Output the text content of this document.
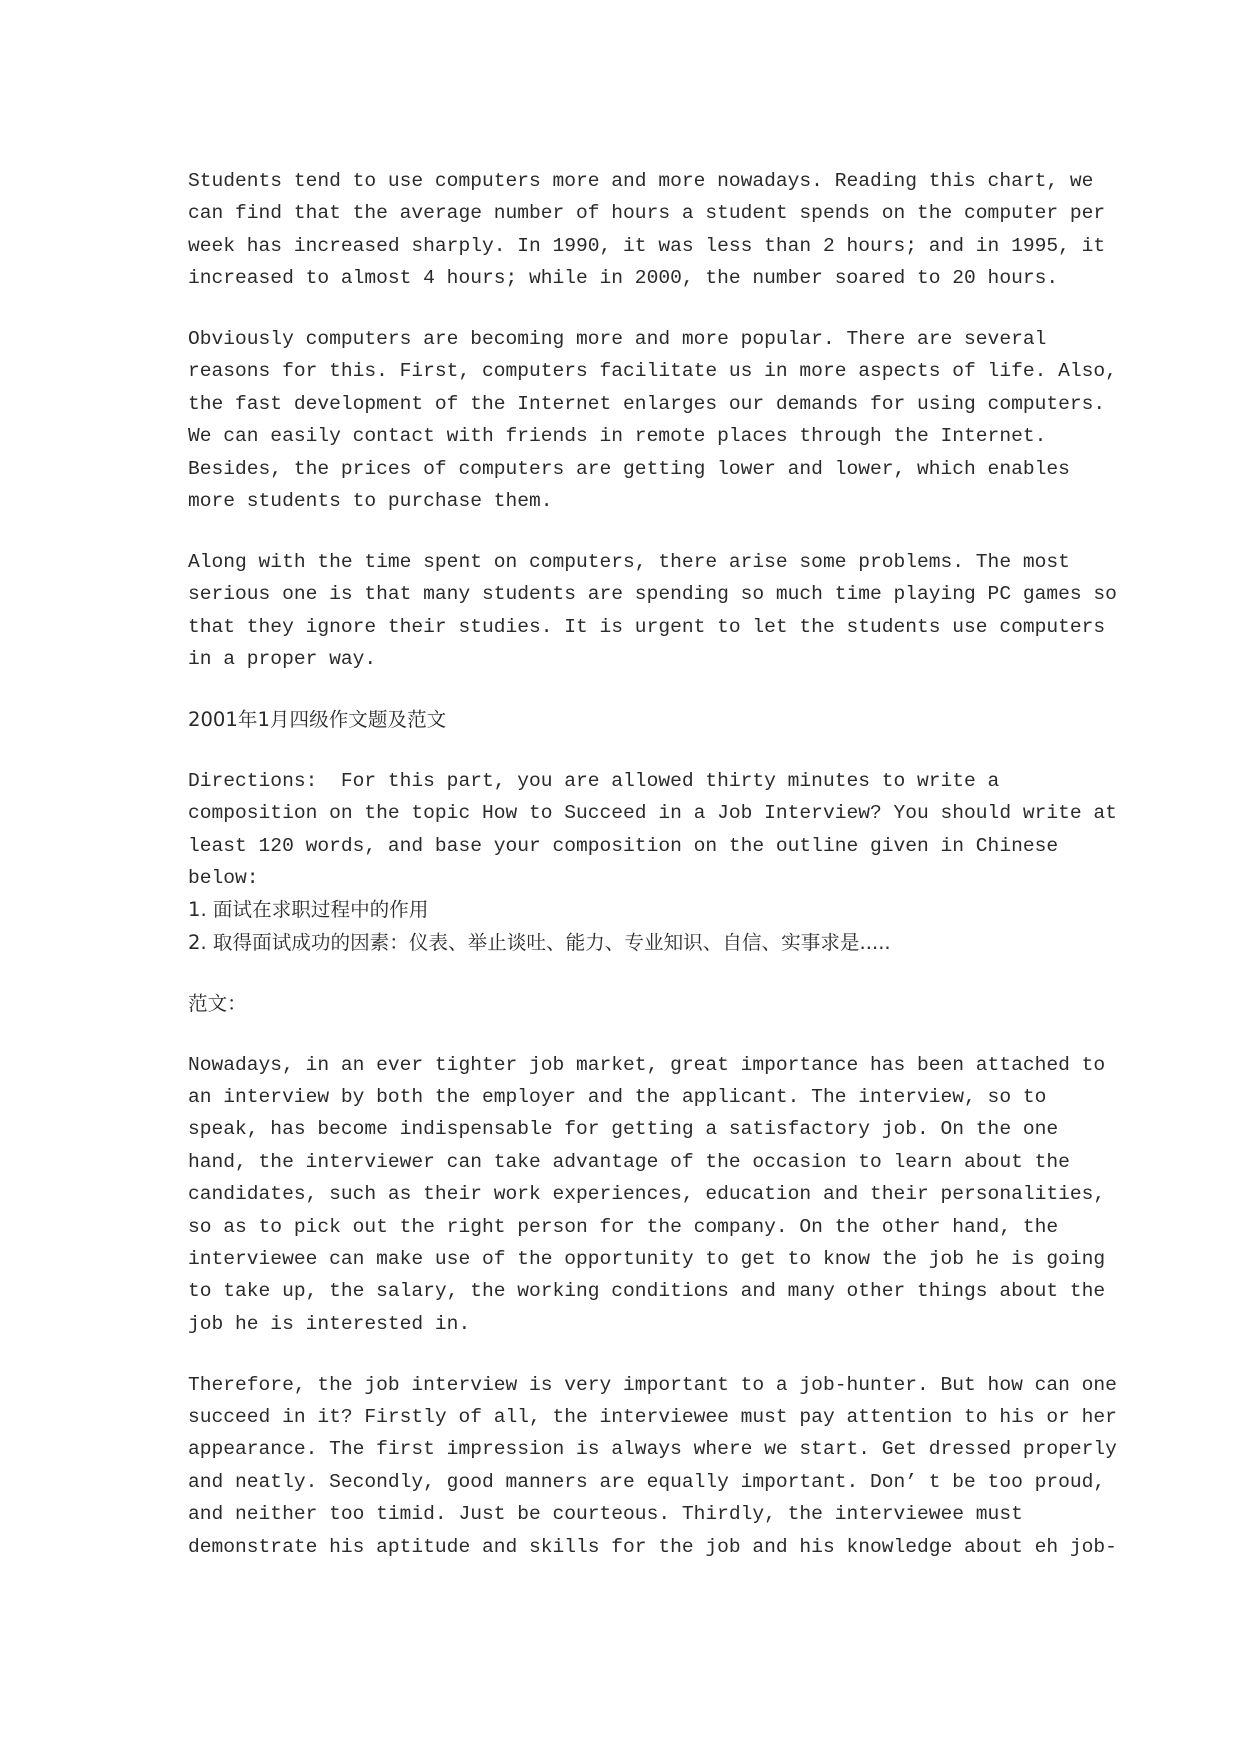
Students tend to use computers more and more nowadays. Reading this chart, we
can find that the average number of hours a student spends on the computer per
week has increased sharply. In 1990, it was less than 2 hours; and in 1995, it
increased to almost 4 hours; while in 2000, the number soared to 20 hours.
Obviously computers are becoming more and more popular. There are several
reasons for this. First, computers facilitate us in more aspects of life. Also,
the fast development of the Internet enlarges our demands for using computers.
We can easily contact with friends in remote places through the Internet.
Besides, the prices of computers are getting lower and lower, which enables
more students to purchase them.
Along with the time spent on computers, there arise some problems. The most
serious one is that many students are spending so much time playing PC games so
that they ignore their studies. It is urgent to let the students use computers
in a proper way.
2001年1月四级作文题及范文
Directions:  For this part, you are allowed thirty minutes to write a
composition on the topic How to Succeed in a Job Interview? You should write at
least 120 words, and base your composition on the outline given in Chinese
below:
1. 面试在求职过程中的作用
2. 取得面试成功的因素：仪表、举止谈吐、能力、专业知识、自信、实事求是.....
范文：
Nowadays, in an ever tighter job market, great importance has been attached to
an interview by both the employer and the applicant. The interview, so to
speak, has become indispensable for getting a satisfactory job. On the one
hand, the interviewer can take advantage of the occasion to learn about the
candidates, such as their work experiences, education and their personalities,
so as to pick out the right person for the company. On the other hand, the
interviewee can make use of the opportunity to get to know the job he is going
to take up, the salary, the working conditions and many other things about the
job he is interested in.
Therefore, the job interview is very important to a job-hunter. But how can one
succeed in it? Firstly of all, the interviewee must pay attention to his or her
appearance. The first impression is always where we start. Get dressed properly
and neatly. Secondly, good manners are equally important. Don’ t be too proud,
and neither too timid. Just be courteous. Thirdly, the interviewee must
demonstrate his aptitude and skills for the job and his knowledge about eh job-
